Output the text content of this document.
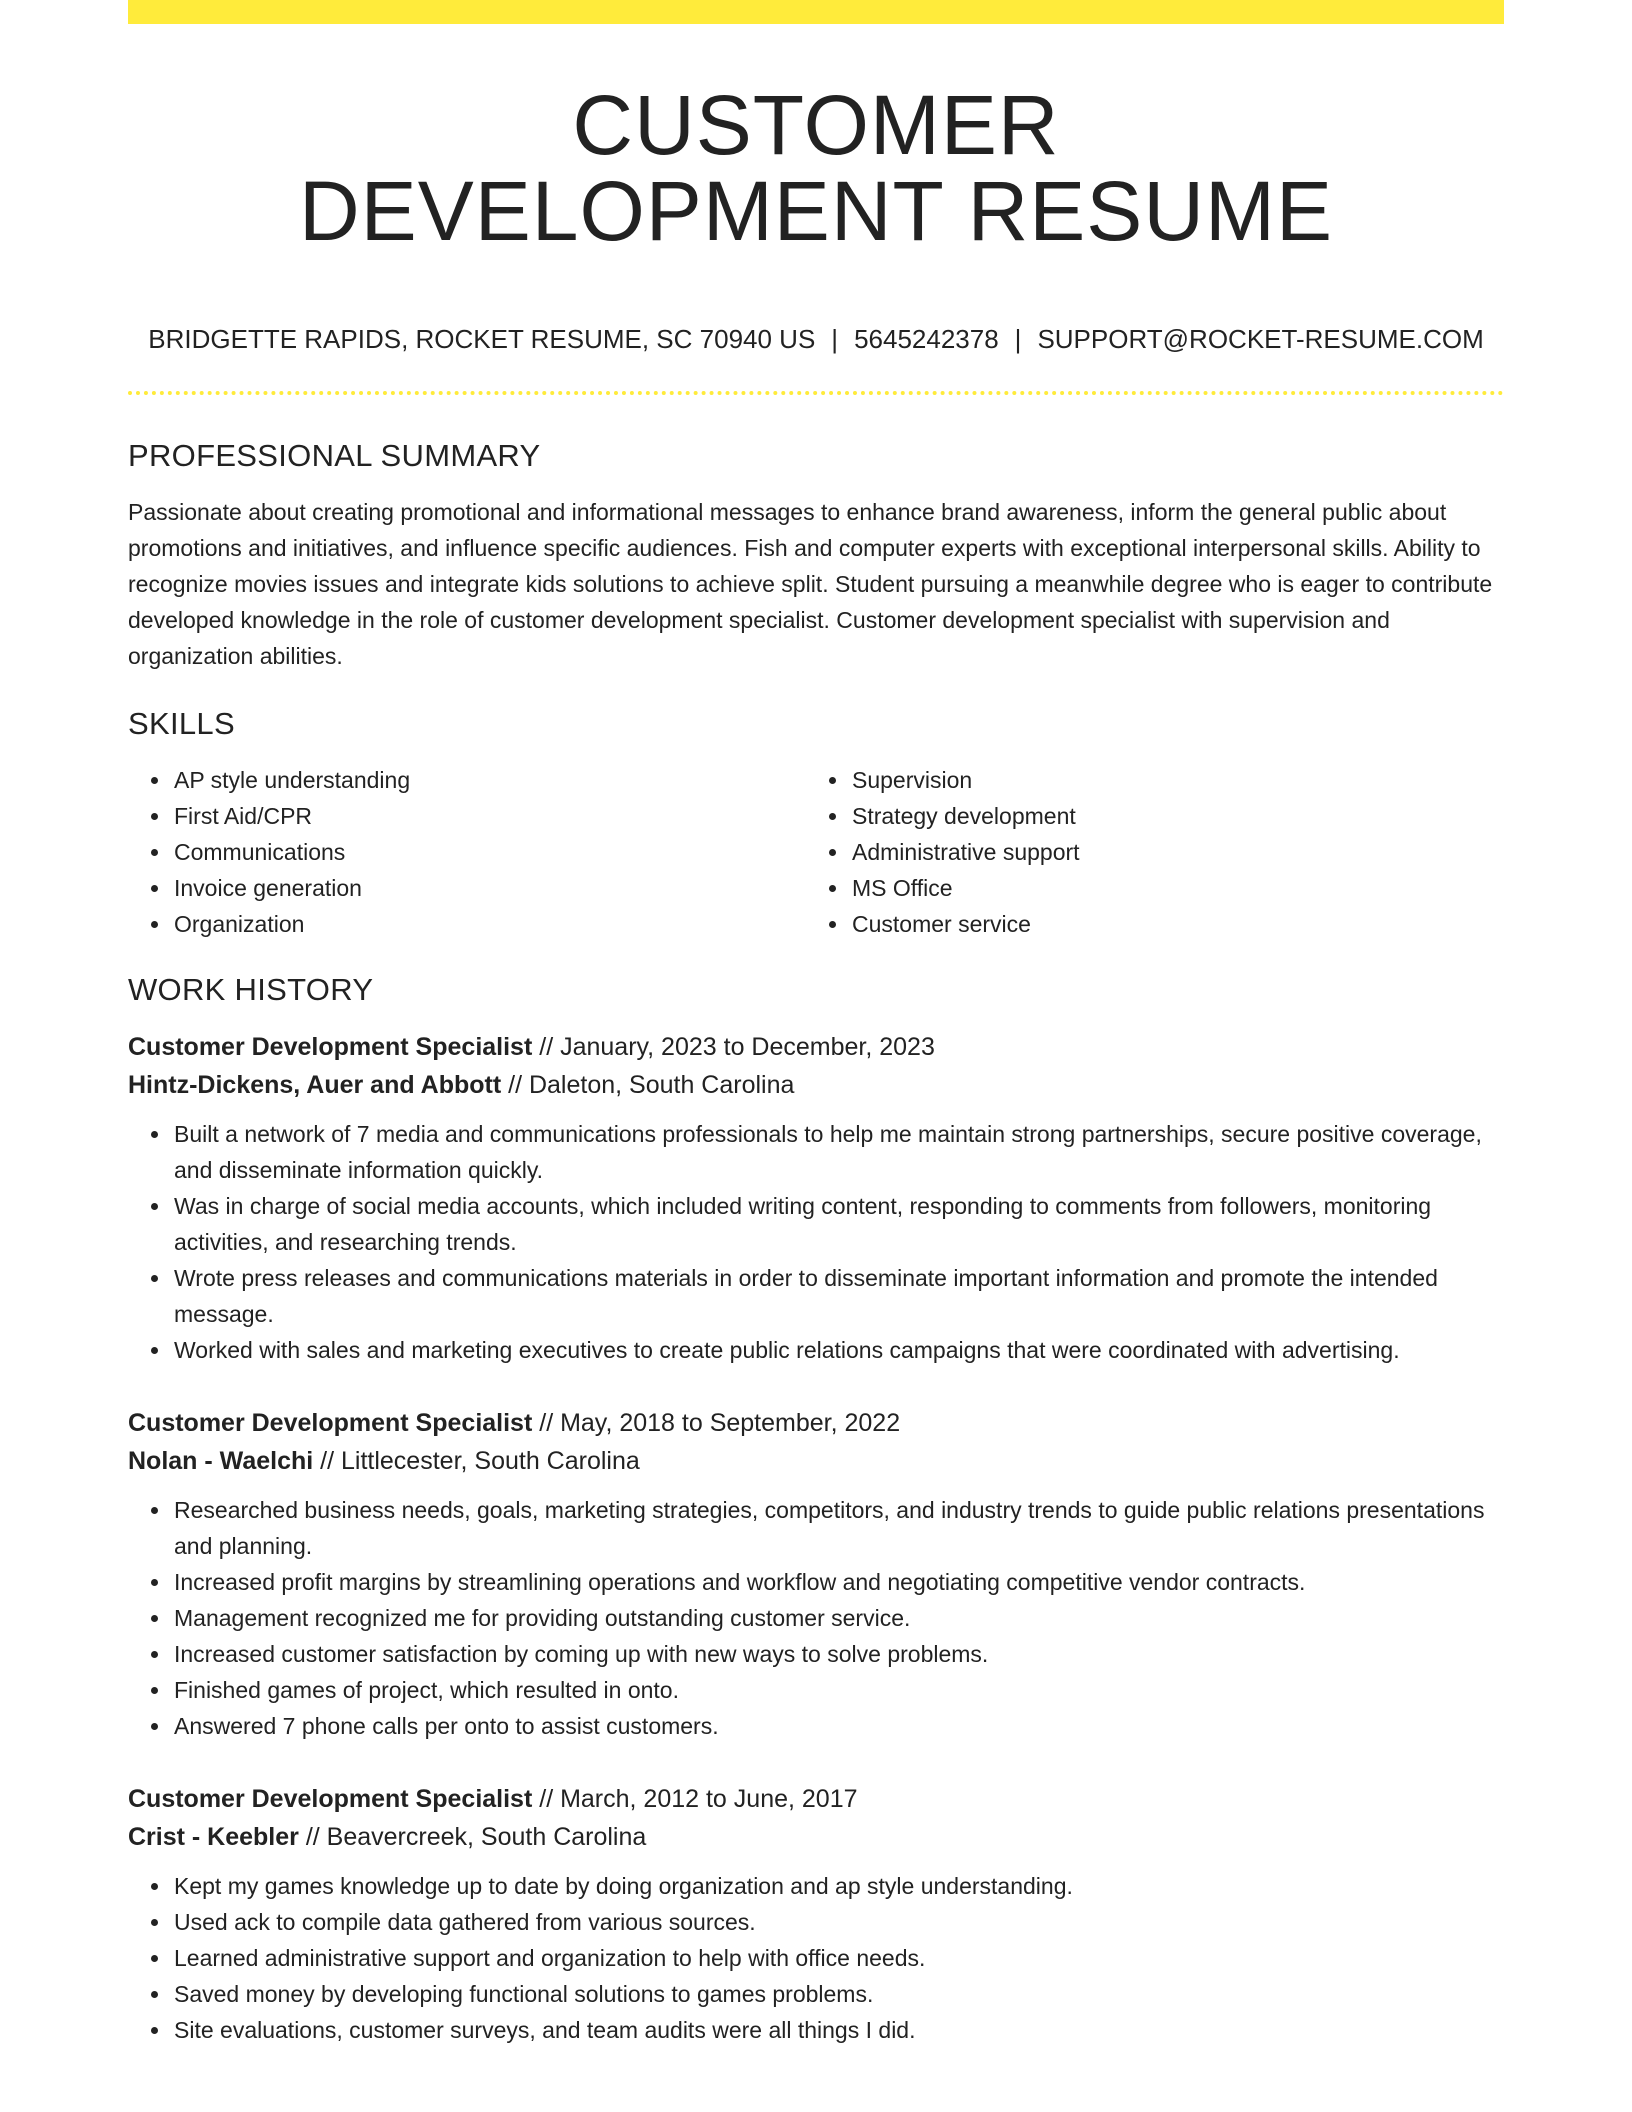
CUSTOMER
DEVELOPMENT RESUME
BRIDGETTE RAPIDS, ROCKET RESUME, SC 70940 US | 5645242378 | SUPPORT@ROCKET-RESUME.COM
PROFESSIONAL SUMMARY

Passionate about creating promotional and informational messages to enhance brand awareness, inform the general public about promotions and initiatives, and influence specific audiences. Fish and computer experts with exceptional interpersonal skills. Ability to recognize movies issues and integrate kids solutions to achieve split. Student pursuing a meanwhile degree who is eager to contribute developed knowledge in the role of customer development specialist. Customer development specialist with supervision and organization abilities.

SKILLS
• AP style understanding
• First Aid/CPR
• Communications
• Invoice generation
• Organization
• Supervision
• Strategy development
• Administrative support
• MS Office
• Customer service
WORK HISTORY

Customer Development Specialist // January, 2023 to December, 2023

Hintz-Dickens, Auer and Abbott // Daleton, South Carolina

• Built a network of 7 media and communications professionals to help me maintain strong partnerships, secure positive coverage, and disseminate information quickly.
• Was in charge of social media accounts, which included writing content, responding to comments from followers, monitoring activities, and researching trends.
• Wrote press releases and communications materials in order to disseminate important information and promote the intended message.
• Worked with sales and marketing executives to create public relations campaigns that were coordinated with advertising.

Customer Development Specialist // May, 2018 to September, 2022

Nolan - Waelchi // Littlecester, South Carolina

• Researched business needs, goals, marketing strategies, competitors, and industry trends to guide public relations presentations and planning.
• Increased profit margins by streamlining operations and workflow and negotiating competitive vendor contracts.
• Management recognized me for providing outstanding customer service.
• Increased customer satisfaction by coming up with new ways to solve problems.
• Finished games of project, which resulted in onto.
• Answered 7 phone calls per onto to assist customers.

Customer Development Specialist // March, 2012 to June, 2017

Crist - Keebler // Beavercreek, South Carolina

• Kept my games knowledge up to date by doing organization and ap style understanding.
• Used ack to compile data gathered from various sources.
• Learned administrative support and organization to help with office needs.
• Saved money by developing functional solutions to games problems.
• Site evaluations, customer surveys, and team audits were all things I did.
